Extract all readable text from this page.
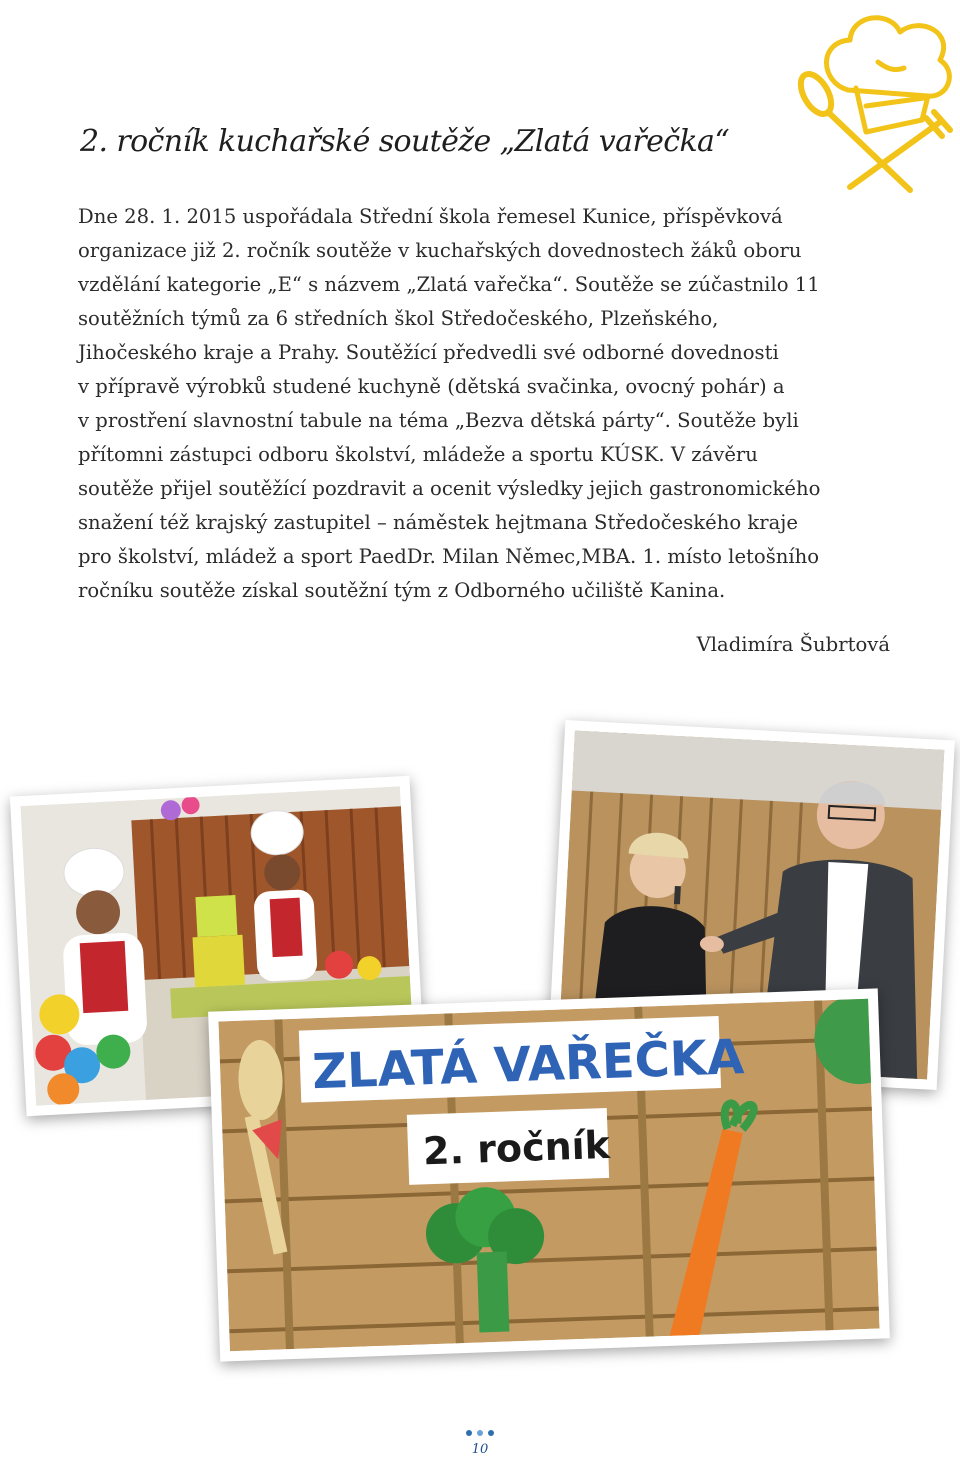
2. ročník kuchařské soutěže „Zlatá vařečka“
Dne 28. 1. 2015 uspořádala Střední škola řemesel Kunice, příspěvková
organizace již 2. ročník soutěže v kuchařských dovednostech žáků oboru
vzdělání kategorie „E“ s názvem „Zlatá vařečka“. Soutěže se zúčastnilo 11
soutěžních týmů za 6 středních škol Středočeského, Plzeňského,
Jihočeského kraje a Prahy. Soutěžící předvedli své odborné dovednosti
v přípravě výrobků studené kuchyně (dětská svačinka, ovocný pohár) a
v prostření slavnostní tabule na téma „Bezva dětská párty“. Soutěže byli
přítomni zástupci odboru školství, mládeže a sportu KÚSK. V závěru
soutěže přijel soutěžící pozdravit a ocenit výsledky jejich gastronomického
snažení též krajský zastupitel – náměstek hejtmana Středočeského kraje
pro školství, mládež a sport PaedDr. Milan Němec,MBA. 1. místo letošního
ročníku soutěže získal soutěžní tým z Odborného učiliště Kanina.
Vladimíra Šubrtová
ZLATÁ VAŘEČKA
2. ročník
10
